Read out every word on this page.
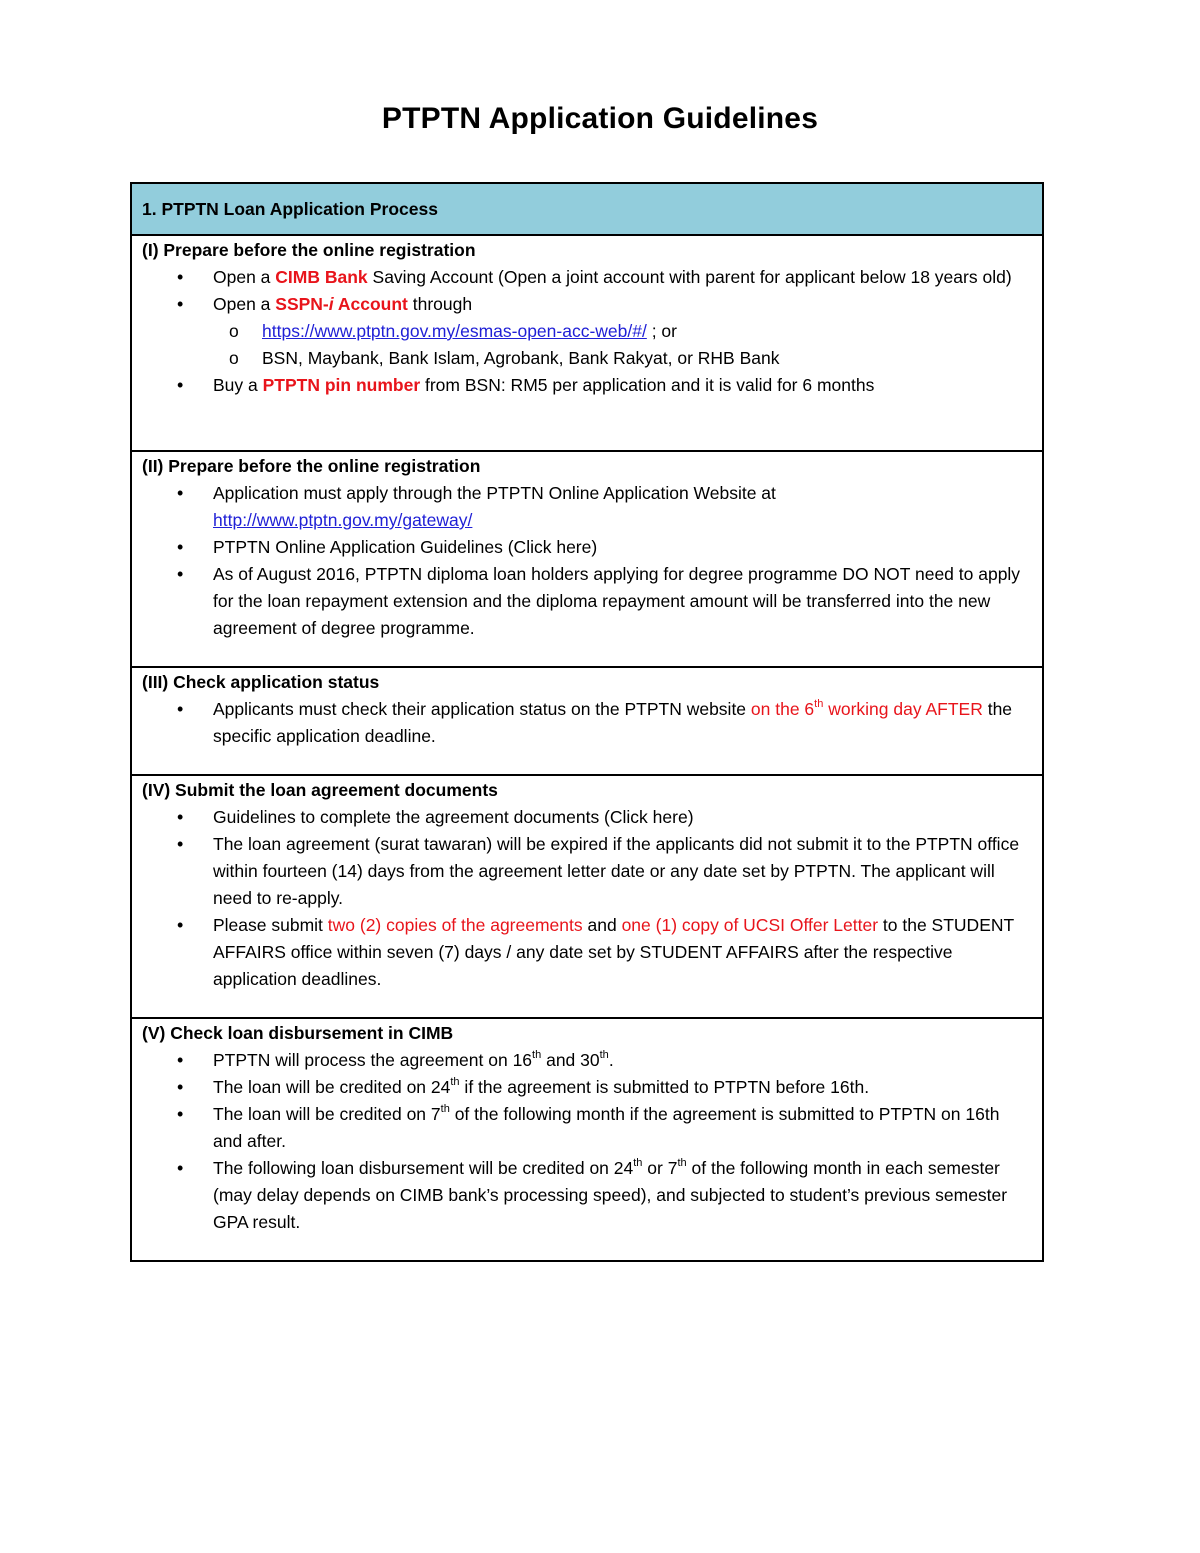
PTPTN Application Guidelines
1. PTPTN Loan Application Process

(I) Prepare before the online registration
• Open a CIMB Bank Saving Account (Open a joint account with parent for applicant below 18 years old)
• Open a SSPN-i Account through
o https://www.ptptn.gov.my/esmas-open-acc-web/#/ ; or
o BSN, Maybank, Bank Islam, Agrobank, Bank Rakyat, or RHB Bank
• Buy a PTPTN pin number from BSN: RM5 per application and it is valid for 6 months

(II) Prepare before the online registration
• Application must apply through the PTPTN Online Application Website at http://www.ptptn.gov.my/gateway/
• PTPTN Online Application Guidelines (Click here)
• As of August 2016, PTPTN diploma loan holders applying for degree programme DO NOT need to apply for the loan repayment extension and the diploma repayment amount will be transferred into the new agreement of degree programme.

(III) Check application status
• Applicants must check their application status on the PTPTN website on the 6th working day AFTER the specific application deadline.

(IV) Submit the loan agreement documents
• Guidelines to complete the agreement documents (Click here)
• The loan agreement (surat tawaran) will be expired if the applicants did not submit it to the PTPTN office within fourteen (14) days from the agreement letter date or any date set by PTPTN. The applicant will need to re-apply.
• Please submit two (2) copies of the agreements and one (1) copy of UCSI Offer Letter to the STUDENT AFFAIRS office within seven (7) days / any date set by STUDENT AFFAIRS after the respective application deadlines.

(V) Check loan disbursement in CIMB
• PTPTN will process the agreement on 16th and 30th.
• The loan will be credited on 24th if the agreement is submitted to PTPTN before 16th.
• The loan will be credited on 7th of the following month if the agreement is submitted to PTPTN on 16th and after.
• The following loan disbursement will be credited on 24th or 7th of the following month in each semester (may delay depends on CIMB bank’s processing speed), and subjected to student’s previous semester GPA result.
